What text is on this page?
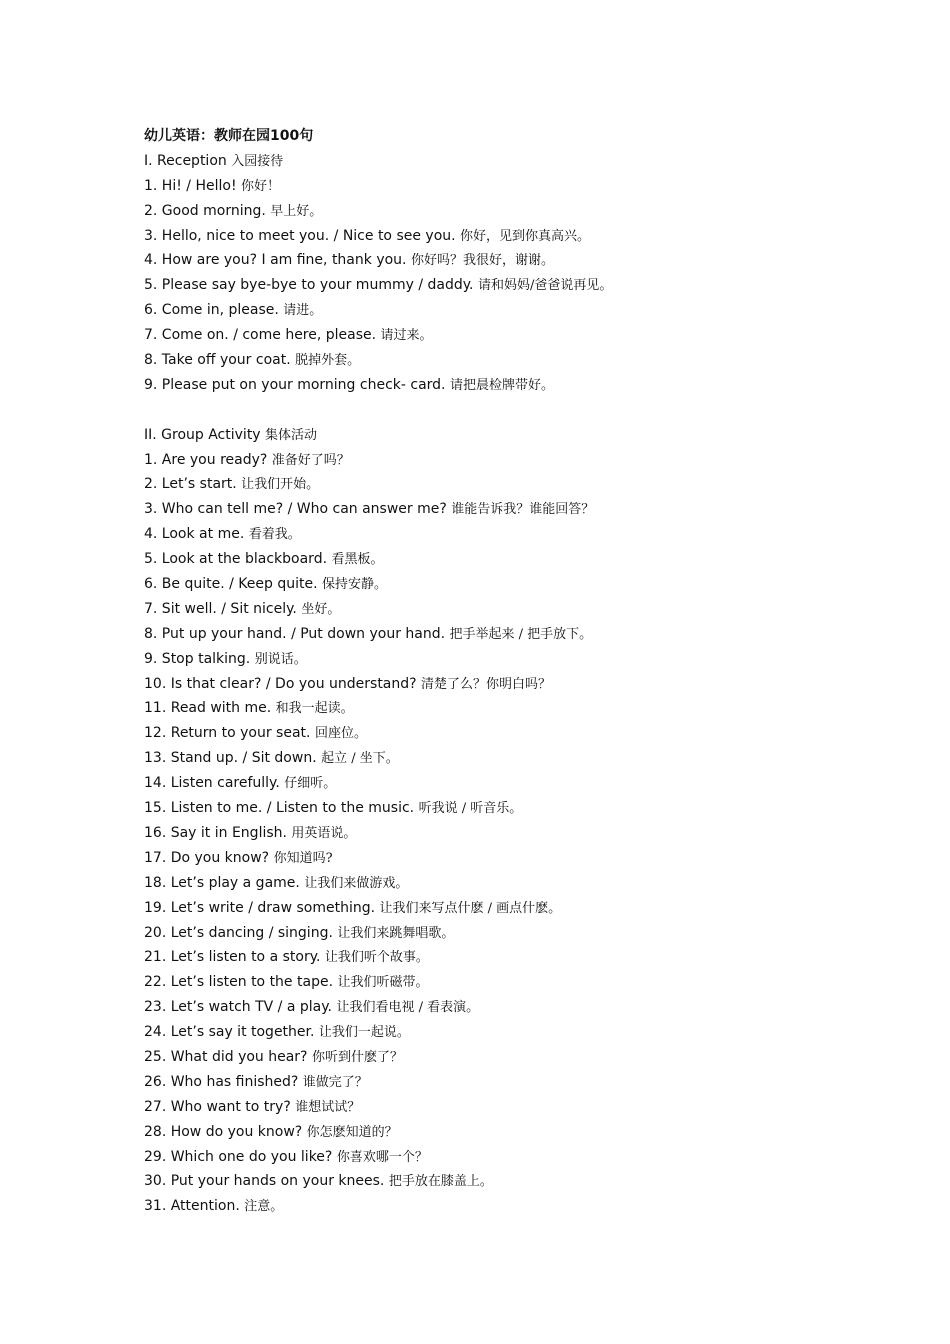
幼儿英语：教师在园100句
I. Reception 入园接待
1. Hi! / Hello! 你好！
2. Good morning. 早上好。
3. Hello, nice to meet you. / Nice to see you. 你好，见到你真高兴。
4. How are you? I am fine, thank you. 你好吗？我很好，谢谢。
5. Please say bye-bye to your mummy / daddy. 请和妈妈/爸爸说再见。
6. Come in, please. 请进。
7. Come on. / come here, please. 请过来。
8. Take off your coat. 脱掉外套。
9. Please put on your morning check- card. 请把晨检牌带好。
II. Group Activity 集体活动
1. Are you ready? 准备好了吗？
2. Let’s start. 让我们开始。
3. Who can tell me? / Who can answer me? 谁能告诉我？谁能回答？
4. Look at me. 看着我。
5. Look at the blackboard. 看黑板。
6. Be quite. / Keep quite. 保持安静。
7. Sit well. / Sit nicely. 坐好。
8. Put up your hand. / Put down your hand. 把手举起来 / 把手放下。
9. Stop talking. 别说话。
10. Is that clear? / Do you understand? 清楚了么？你明白吗？
11. Read with me. 和我一起读。
12. Return to your seat. 回座位。
13. Stand up. / Sit down. 起立 / 坐下。
14. Listen carefully. 仔细听。
15. Listen to me. / Listen to the music. 听我说 / 听音乐。
16. Say it in English. 用英语说。
17. Do you know? 你知道吗?
18. Let’s play a game. 让我们来做游戏。
19. Let’s write / draw something. 让我们来写点什麽 / 画点什麽。
20. Let’s dancing / singing. 让我们来跳舞唱歌。
21. Let’s listen to a story. 让我们听个故事。
22. Let’s listen to the tape. 让我们听磁带。
23. Let’s watch TV / a play. 让我们看电视 / 看表演。
24. Let’s say it together. 让我们一起说。
25. What did you hear? 你听到什麽了？
26. Who has finished? 谁做完了？
27. Who want to try? 谁想试试？
28. How do you know? 你怎麽知道的？
29. Which one do you like? 你喜欢哪一个？
30. Put your hands on your knees. 把手放在膝盖上。
31. Attention. 注意。
